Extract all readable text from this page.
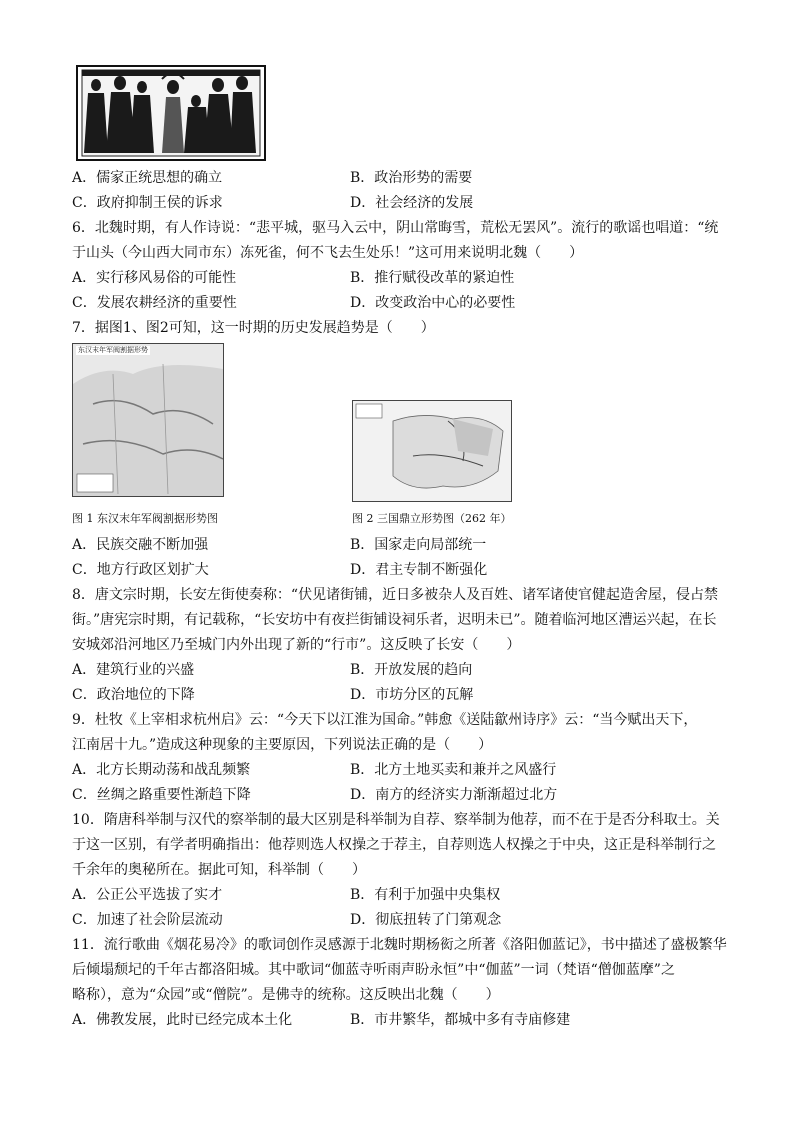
A．儒家正统思想的确立	B．政治形势的需要
C．政府抑制王侯的诉求	D．社会经济的发展
6．北魏时期，有人作诗说：“悲平城，驱马入云中，阴山常晦雪，荒松无罢风”。流行的歌谣也唱道：“统
于山头（今山西大同市东）冻死雀，何不飞去生处乐！”这可用来说明北魏（　　）
A．实行移风易俗的可能性	B．推行赋役改革的紧迫性
C．发展农耕经济的重要性	D．改变政治中心的必要性
7．据图1、图2可知，这一时期的历史发展趋势是（　　）
东汉末年军阀割据形势
图 1 东汉末年军阀割据形势图	图 2 三国鼎立形势图（262 年）
A．民族交融不断加强	B．国家走向局部统一
C．地方行政区划扩大	D．君主专制不断强化
8．唐文宗时期，长安左街使奏称：“伏见诸街铺，近日多被杂人及百姓、诸军诸使官健起造舍屋，侵占禁
街。”唐宪宗时期，有记载称，“长安坊中有夜拦街铺设祠乐者，迟明未已”。随着临河地区漕运兴起，在长
安城郊沿河地区乃至城门内外出现了新的“行市”。这反映了长安（　　）
A．建筑行业的兴盛	B．开放发展的趋向
C．政治地位的下降	D．市坊分区的瓦解
9．杜牧《上宰相求杭州启》云：“今天下以江淮为国命。”韩愈《送陆歙州诗序》云：“当今赋出天下，
江南居十九。”造成这种现象的主要原因，下列说法正确的是（　　）
A．北方长期动荡和战乱频繁	B．北方土地买卖和兼并之风盛行
C．丝绸之路重要性渐趋下降	D．南方的经济实力渐渐超过北方
10．隋唐科举制与汉代的察举制的最大区别是科举制为自荐、察举制为他荐，而不在于是否分科取士。关
于这一区别，有学者明确指出：他荐则选人权操之于荐主，自荐则选人权操之于中央，这正是科举制行之
千余年的奥秘所在。据此可知，科举制（　　）
A．公正公平选拔了实才	B．有利于加强中央集权
C．加速了社会阶层流动	D．彻底扭转了门第观念
11．流行歌曲《烟花易冷》的歌词创作灵感源于北魏时期杨衒之所著《洛阳伽蓝记》，书中描述了盛极繁华
后倾塌颓圮的千年古都洛阳城。其中歌词“伽蓝寺听雨声盼永恒”中“伽蓝”一词（梵语“僧伽蓝摩”之
略称），意为“众园”或“僧院”。是佛寺的统称。这反映出北魏（　　）
A．佛教发展，此时已经完成本土化	B．市井繁华，都城中多有寺庙修建
